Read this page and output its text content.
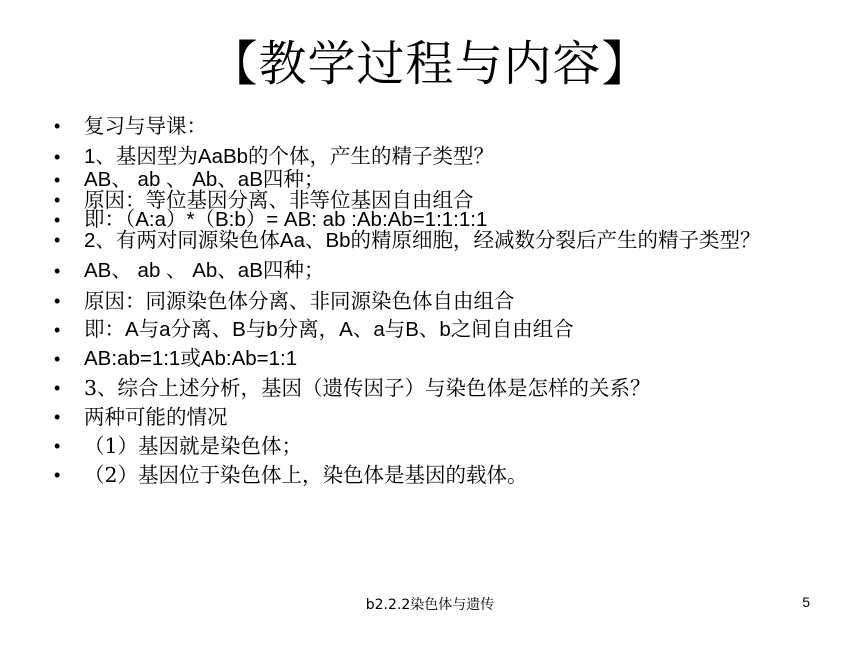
【教学过程与内容】
• 复习与导课：
• 1、基因型为AaBb的个体，产生的精子类型？
• AB、 ab 、 Ab、aB四种；
• 原因：等位基因分离、非等位基因自由组合
• 即：（A:a）*（B:b）= AB: ab :Ab:Ab=1:1:1:1
• 2、有两对同源染色体Aa、Bb的精原细胞，经减数分裂后产生的精子类型？
• AB、 ab 、 Ab、aB四种；
• 原因：同源染色体分离、非同源染色体自由组合
• 即：A与a分离、B与b分离，A、a与B、b之间自由组合
• AB:ab=1:1或Ab:Ab=1:1
• 3、综合上述分析，基因（遗传因子）与染色体是怎样的关系？
• 两种可能的情况
• （1）基因就是染色体；
• （2）基因位于染色体上，染色体是基因的载体。
b2.2.2染色体与遗传	5
